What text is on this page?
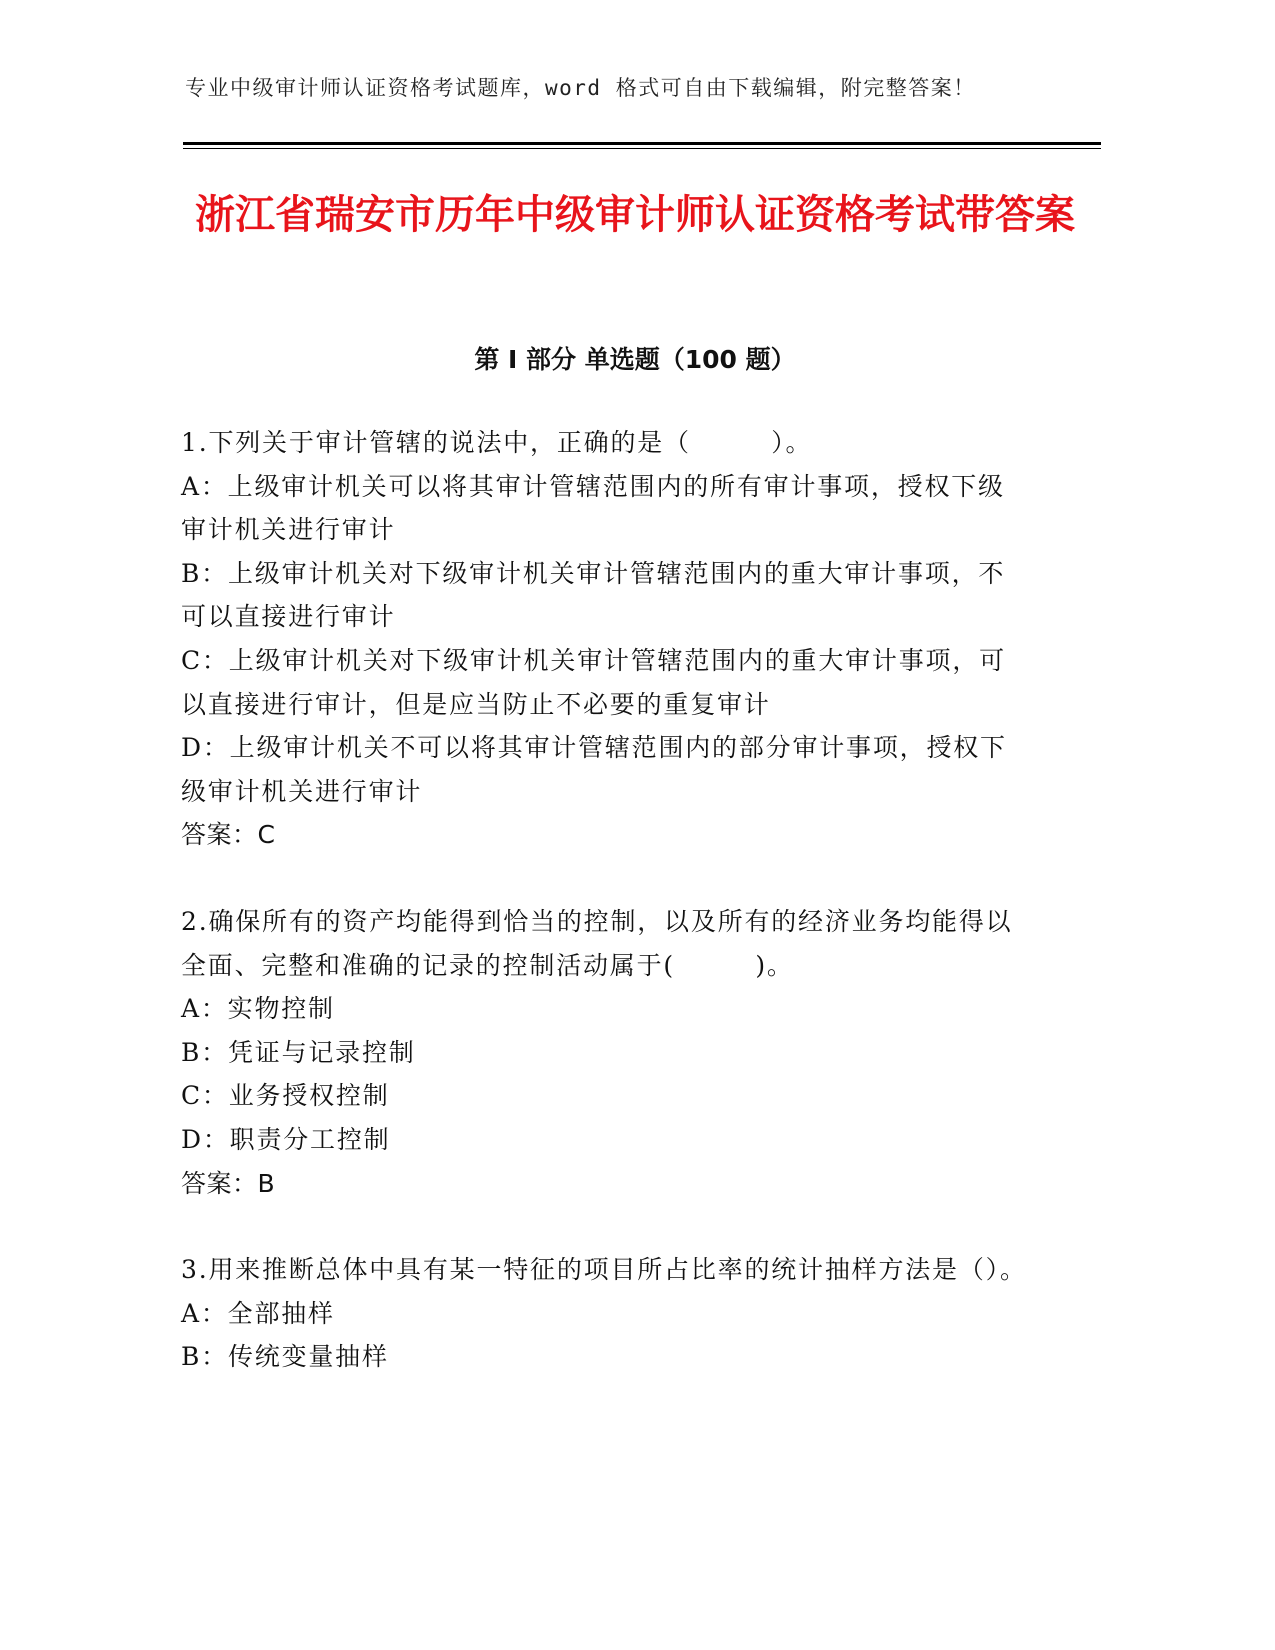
专业中级审计师认证资格考试题库，word 格式可自由下载编辑，附完整答案！
浙江省瑞安市历年中级审计师认证资格考试带答案
第 I 部分 单选题（100 题）
1.下列关于审计管辖的说法中，正确的是（　　　）。
A：上级审计机关可以将其审计管辖范围内的所有审计事项，授权下级审计机关进行审计
B：上级审计机关对下级审计机关审计管辖范围内的重大审计事项，不可以直接进行审计
C：上级审计机关对下级审计机关审计管辖范围内的重大审计事项，可以直接进行审计，但是应当防止不必要的重复审计
D：上级审计机关不可以将其审计管辖范围内的部分审计事项，授权下级审计机关进行审计
答案：C
2.确保所有的资产均能得到恰当的控制，以及所有的经济业务均能得以全面、完整和准确的记录的控制活动属于(　　　)。
A：实物控制
B：凭证与记录控制
C：业务授权控制
D：职责分工控制
答案：B
3.用来推断总体中具有某一特征的项目所占比率的统计抽样方法是（）。
A：全部抽样
B：传统变量抽样
